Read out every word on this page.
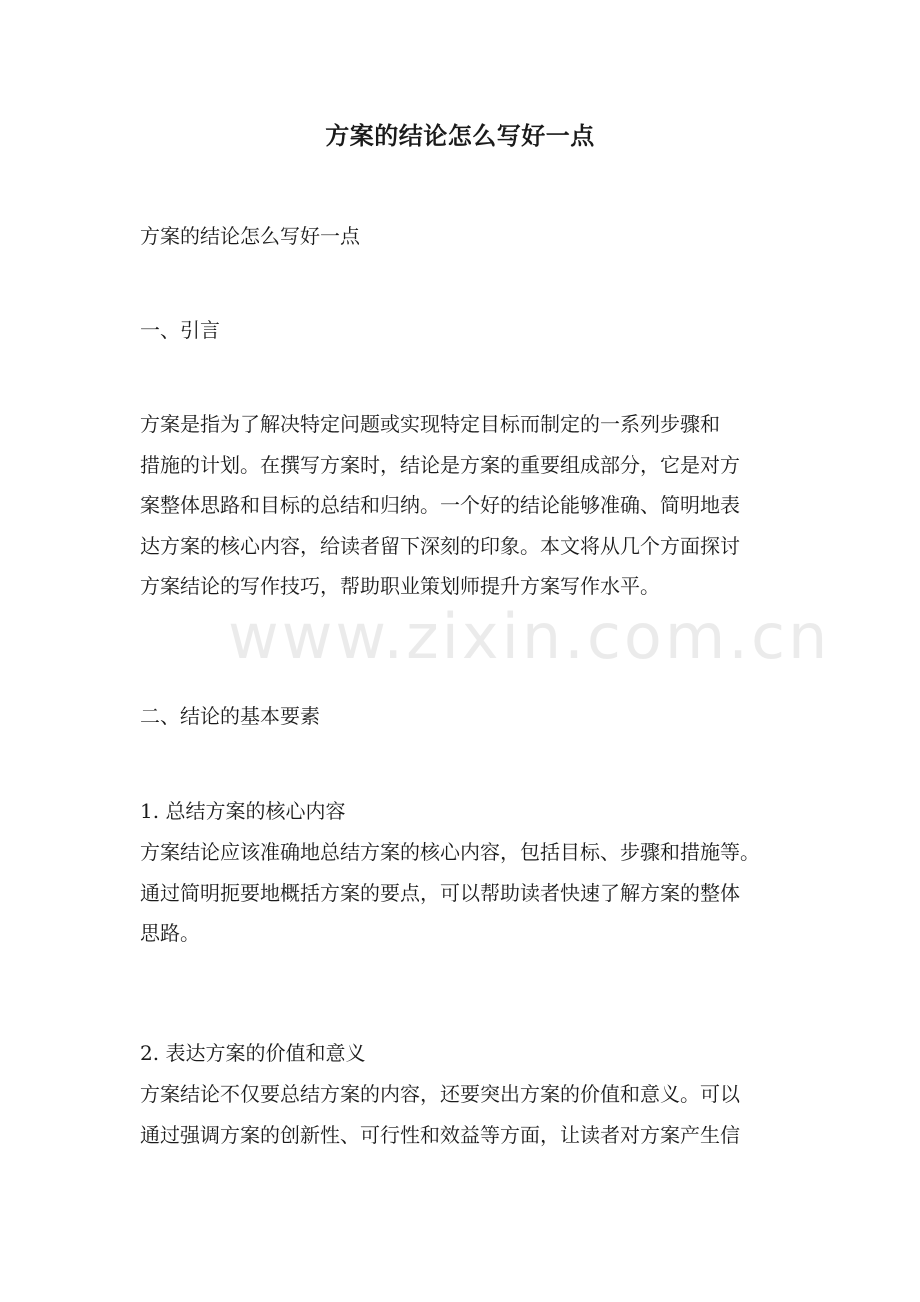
方案的结论怎么写好一点
方案的结论怎么写好一点
一、引言
方案是指为了解决特定问题或实现特定目标而制定的一系列步骤和
措施的计划。在撰写方案时，结论是方案的重要组成部分，它是对方
案整体思路和目标的总结和归纳。一个好的结论能够准确、简明地表
达方案的核心内容，给读者留下深刻的印象。本文将从几个方面探讨
方案结论的写作技巧，帮助职业策划师提升方案写作水平。
二、结论的基本要素
1. 总结方案的核心内容
方案结论应该准确地总结方案的核心内容，包括目标、步骤和措施等。
通过简明扼要地概括方案的要点，可以帮助读者快速了解方案的整体
思路。
2. 表达方案的价值和意义
方案结论不仅要总结方案的内容，还要突出方案的价值和意义。可以
通过强调方案的创新性、可行性和效益等方面，让读者对方案产生信
www.zixin.com.cn
